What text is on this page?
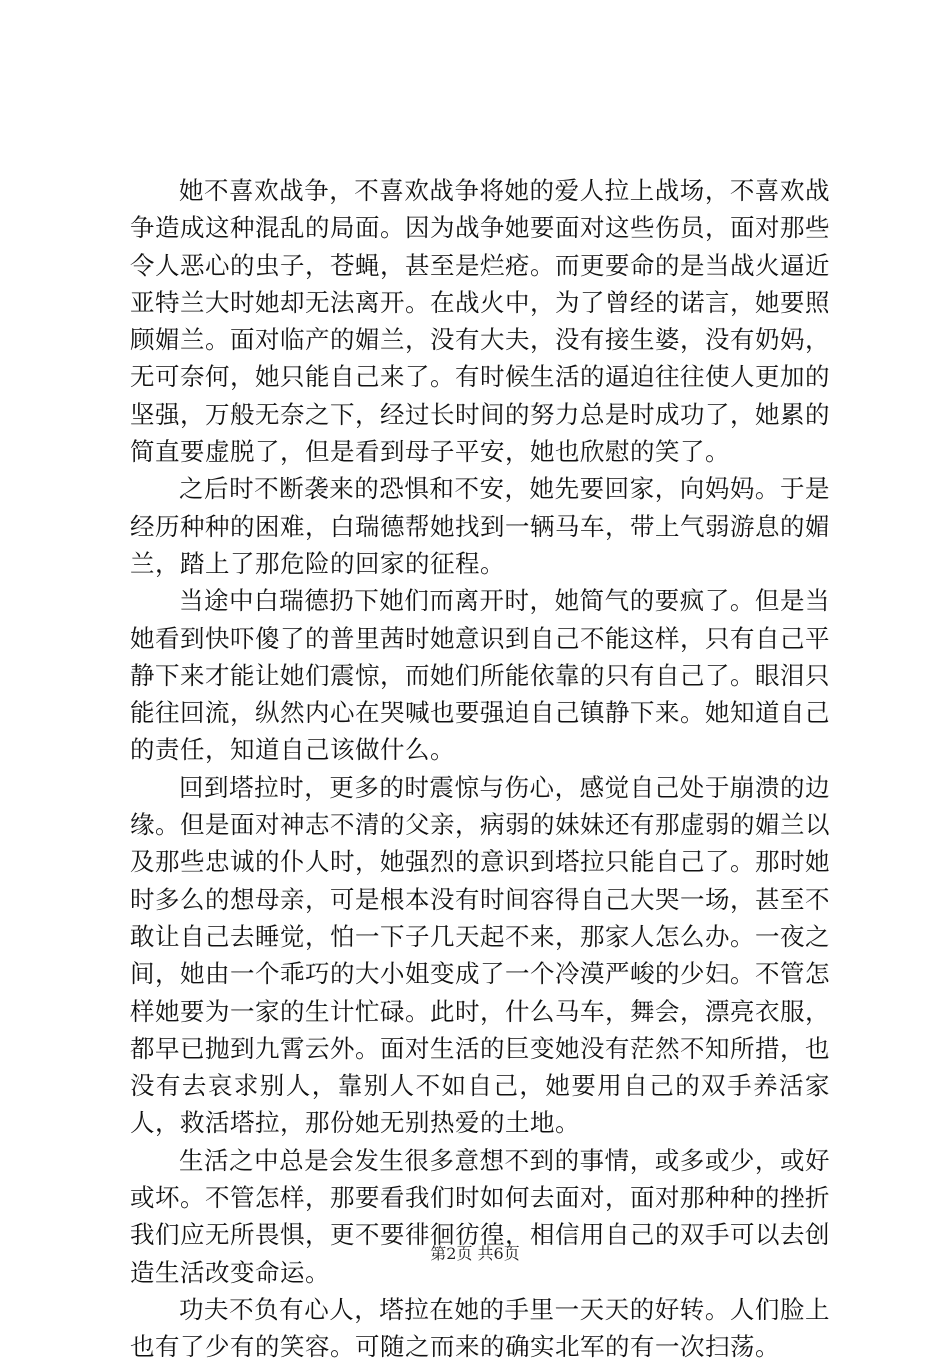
她不喜欢战争，不喜欢战争将她的爱人拉上战场，不喜欢战争造成这种混乱的局面。因为战争她要面对这些伤员，面对那些令人恶心的虫子，苍蝇，甚至是烂疮。而更要命的是当战火逼近亚特兰大时她却无法离开。在战火中，为了曾经的诺言，她要照顾媚兰。面对临产的媚兰，没有大夫，没有接生婆，没有奶妈，无可奈何，她只能自己来了。有时候生活的逼迫往往使人更加的坚强，万般无奈之下，经过长时间的努力总是时成功了，她累的简直要虚脱了，但是看到母子平安，她也欣慰的笑了。

之后时不断袭来的恐惧和不安，她先要回家，向妈妈。于是经历种种的困难，白瑞德帮她找到一辆马车，带上气弱游息的媚兰，踏上了那危险的回家的征程。

当途中白瑞德扔下她们而离开时，她简气的要疯了。但是当她看到快吓傻了的普里茜时她意识到自己不能这样，只有自己平静下来才能让她们震惊，而她们所能依靠的只有自己了。眼泪只能往回流，纵然内心在哭喊也要强迫自己镇静下来。她知道自己的责任，知道自己该做什么。

回到塔拉时，更多的时震惊与伤心，感觉自己处于崩溃的边缘。但是面对神志不清的父亲，病弱的妹妹还有那虚弱的媚兰以及那些忠诚的仆人时，她强烈的意识到塔拉只能自己了。那时她时多么的想母亲，可是根本没有时间容得自己大哭一场，甚至不敢让自己去睡觉，怕一下子几天起不来，那家人怎么办。一夜之间，她由一个乖巧的大小姐变成了一个冷漠严峻的少妇。不管怎样她要为一家的生计忙碌。此时，什么马车，舞会，漂亮衣服，都早已抛到九霄云外。面对生活的巨变她没有茫然不知所措，也没有去哀求别人，靠别人不如自己，她要用自己的双手养活家人，救活塔拉，那份她无别热爱的土地。

生活之中总是会发生很多意想不到的事情，或多或少，或好或坏。不管怎样，那要看我们时如何去面对，面对那种种的挫折我们应无所畏惧，更不要徘徊彷徨，相信用自己的双手可以去创造生活改变命运。

功夫不负有心人，塔拉在她的手里一天天的好转。人们脸上也有了少有的笑容。可随之而来的确实北军的有一次扫荡。

第2页 共6页
